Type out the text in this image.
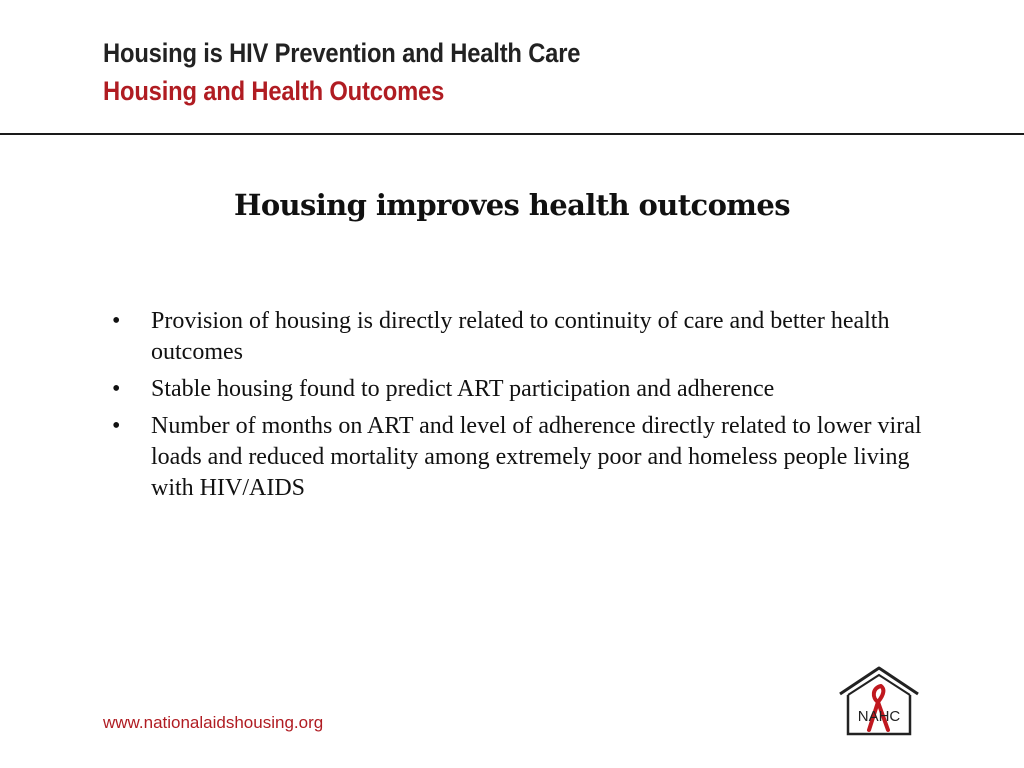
Housing is HIV Prevention and Health Care
Housing and Health Outcomes
Housing improves health outcomes
• Provision of housing is directly related to continuity of care and better health outcomes
• Stable housing found to predict ART participation and adherence
• Number of months on ART and level of adherence directly related to lower viral loads and reduced mortality among extremely poor and homeless people living with HIV/AIDS
www.nationalaidshousing.org	NAHC
